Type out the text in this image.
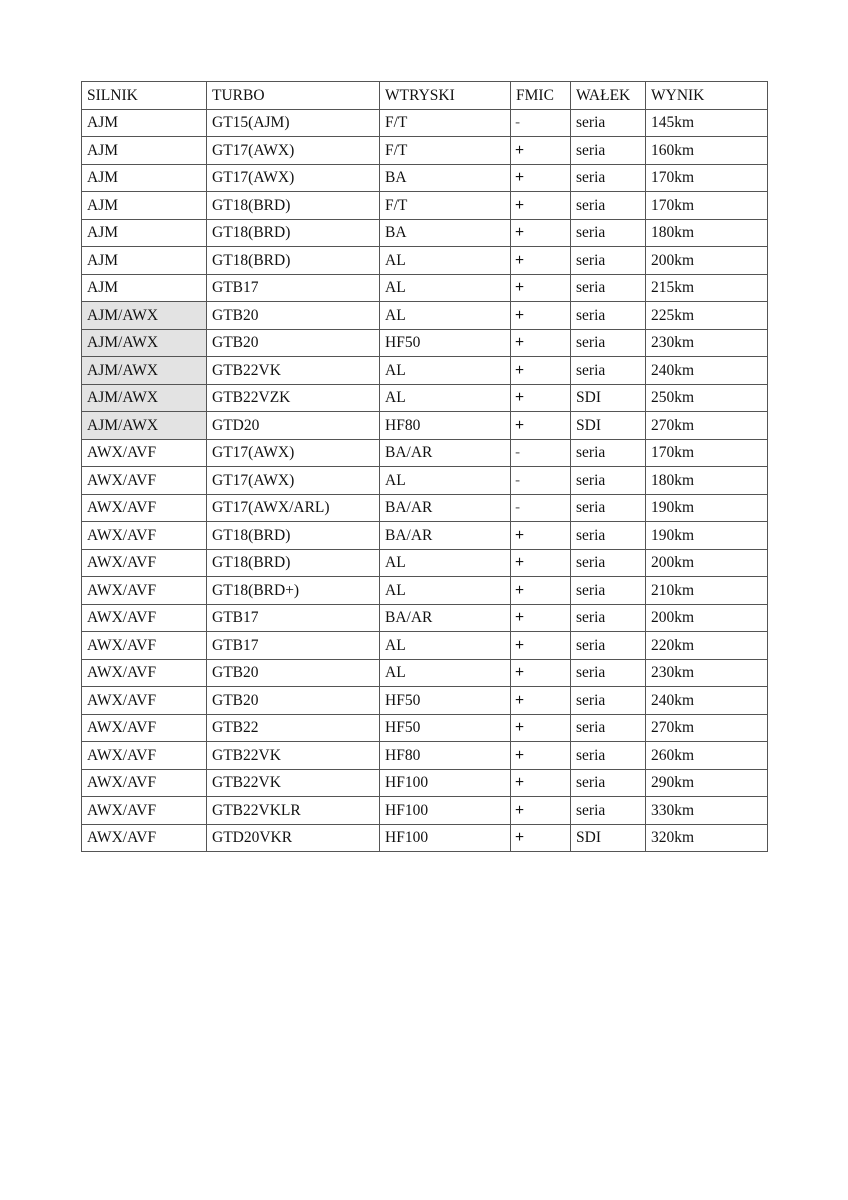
SILNIK	TURBO	WTRYSKI	FMIC	WAŁEK	WYNIK
AJM	GT15(AJM)	F/T	-	seria	145km
AJM	GT17(AWX)	F/T	+	seria	160km
AJM	GT17(AWX)	BA	+	seria	170km
AJM	GT18(BRD)	F/T	+	seria	170km
AJM	GT18(BRD)	BA	+	seria	180km
AJM	GT18(BRD)	AL	+	seria	200km
AJM	GTB17	AL	+	seria	215km
AJM/AWX	GTB20	AL	+	seria	225km
AJM/AWX	GTB20	HF50	+	seria	230km
AJM/AWX	GTB22VK	AL	+	seria	240km
AJM/AWX	GTB22VZK	AL	+	SDI	250km
AJM/AWX	GTD20	HF80	+	SDI	270km
AWX/AVF	GT17(AWX)	BA/AR	-	seria	170km
AWX/AVF	GT17(AWX)	AL	-	seria	180km
AWX/AVF	GT17(AWX/ARL)	BA/AR	-	seria	190km
AWX/AVF	GT18(BRD)	BA/AR	+	seria	190km
AWX/AVF	GT18(BRD)	AL	+	seria	200km
AWX/AVF	GT18(BRD+)	AL	+	seria	210km
AWX/AVF	GTB17	BA/AR	+	seria	200km
AWX/AVF	GTB17	AL	+	seria	220km
AWX/AVF	GTB20	AL	+	seria	230km
AWX/AVF	GTB20	HF50	+	seria	240km
AWX/AVF	GTB22	HF50	+	seria	270km
AWX/AVF	GTB22VK	HF80	+	seria	260km
AWX/AVF	GTB22VK	HF100	+	seria	290km
AWX/AVF	GTB22VKLR	HF100	+	seria	330km
AWX/AVF	GTD20VKR	HF100	+	SDI	320km
